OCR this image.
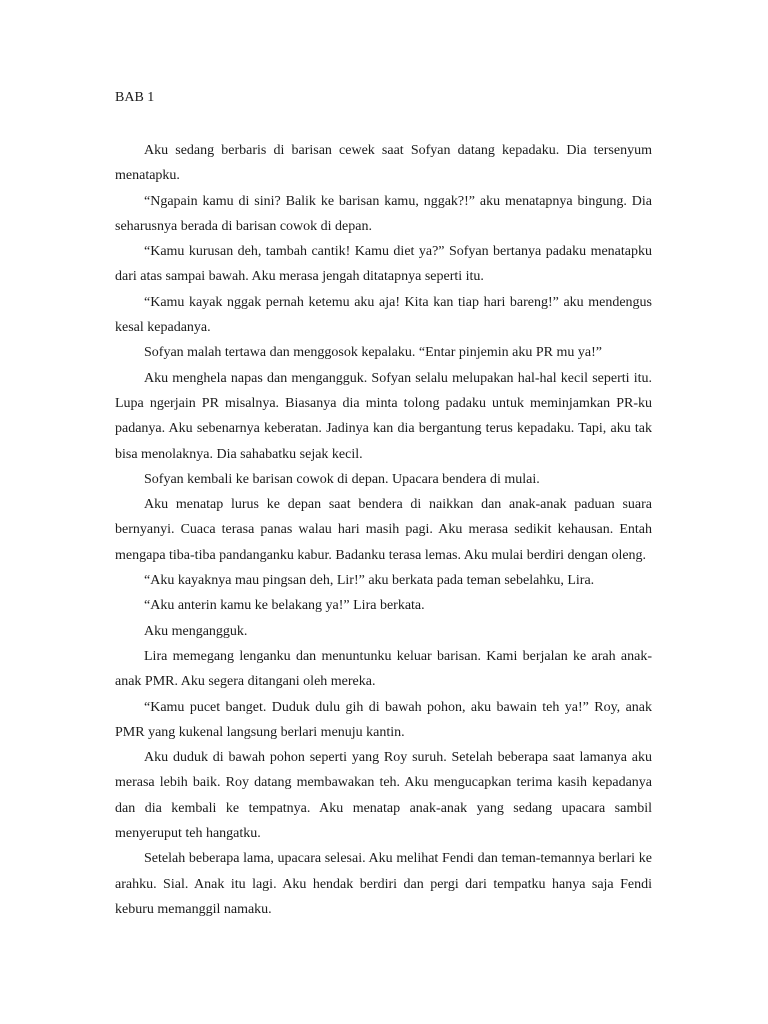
BAB 1

Aku sedang berbaris di barisan cewek saat Sofyan datang kepadaku. Dia tersenyum menatapku.

“Ngapain kamu di sini? Balik ke barisan kamu, nggak?!” aku menatapnya bingung. Dia seharusnya berada di barisan cowok di depan.

“Kamu kurusan deh, tambah cantik! Kamu diet ya?” Sofyan bertanya padaku menatapku dari atas sampai bawah. Aku merasa jengah ditatapnya seperti itu.

“Kamu kayak nggak pernah ketemu aku aja! Kita kan tiap hari bareng!” aku mendengus kesal kepadanya.

Sofyan malah tertawa dan menggosok kepalaku. “Entar pinjemin aku PR mu ya!”

Aku menghela napas dan mengangguk. Sofyan selalu melupakan hal-hal kecil seperti itu. Lupa ngerjain PR misalnya. Biasanya dia minta tolong padaku untuk meminjamkan PR-ku padanya. Aku sebenarnya keberatan. Jadinya kan dia bergantung terus kepadaku. Tapi, aku tak bisa menolaknya. Dia sahabatku sejak kecil.

Sofyan kembali ke barisan cowok di depan. Upacara bendera di mulai.

Aku menatap lurus ke depan saat bendera di naikkan dan anak-anak paduan suara bernyanyi. Cuaca terasa panas walau hari masih pagi. Aku merasa sedikit kehausan. Entah mengapa tiba-tiba pandanganku kabur. Badanku terasa lemas. Aku mulai berdiri dengan oleng.

“Aku kayaknya mau pingsan deh, Lir!” aku berkata pada teman sebelahku, Lira.

“Aku anterin kamu ke belakang ya!” Lira berkata.

Aku mengangguk.

Lira memegang lenganku dan menuntunku keluar barisan. Kami berjalan ke arah anak-anak PMR. Aku segera ditangani oleh mereka.

“Kamu pucet banget. Duduk dulu gih di bawah pohon, aku bawain teh ya!” Roy, anak PMR yang kukenal langsung berlari menuju kantin.

Aku duduk di bawah pohon seperti yang Roy suruh. Setelah beberapa saat lamanya aku merasa lebih baik. Roy datang membawakan teh. Aku mengucapkan terima kasih kepadanya dan dia kembali ke tempatnya. Aku menatap anak-anak yang sedang upacara sambil menyeruput teh hangatku.

Setelah beberapa lama, upacara selesai. Aku melihat Fendi dan teman-temannya berlari ke arahku. Sial. Anak itu lagi. Aku hendak berdiri dan pergi dari tempatku hanya saja Fendi keburu memanggil namaku.
